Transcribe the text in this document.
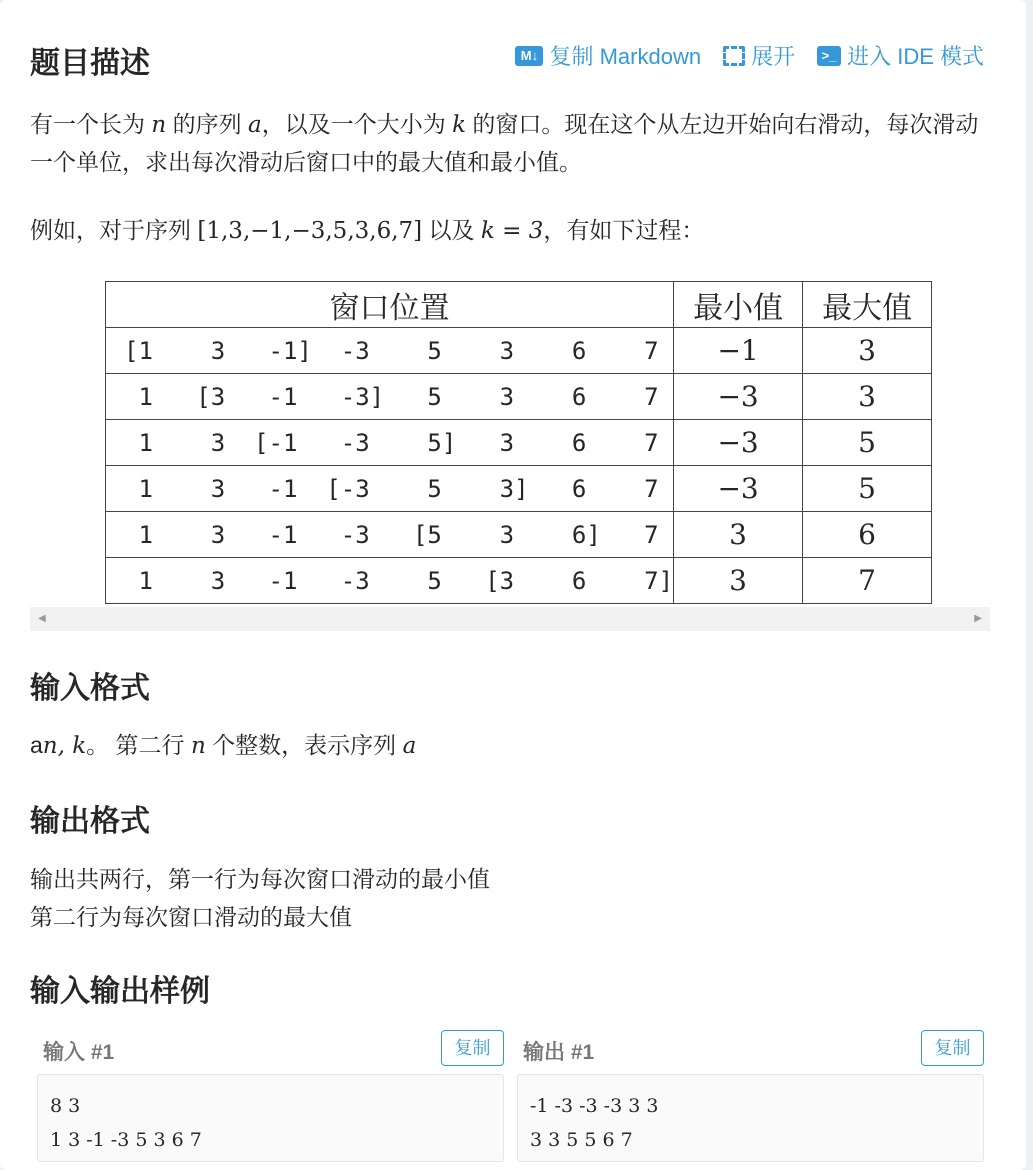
题目描述	M↓ 复制 Markdown 展开	>_ 进入 IDE 模式

有一个长为 n 的序列 a，以及一个大小为 k 的窗口。现在这个从左边开始向右滑动，每次滑动一个单位，求出每次滑动后窗口中的最大值和最小值。

例如，对于序列 [1,3,−1,−3,5,3,6,7] 以及 k = 3，有如下过程：

窗口位置	最小值	最大值
[1    3   -1]  -3    5    3    6    7	−1	3
1   [3   -1   -3]   5    3    6    7	−3	3
1    3  [-1   -3    5]   3    6    7	−3	5
1    3   -1  [-3    5    3]   6    7	−3	5
1    3   -1   -3   [5    3    6]   7	3	6
1    3   -1   -3    5   [3    6    7]	3	7
◀	▶
输入格式

an, k。 第二行 n 个整数，表示序列 a

输出格式

输出共两行，第一行为每次窗口滑动的最小值

第二行为每次窗口滑动的最大值

输入输出样例
输入 #1	复制
8 3
1 3 -1 -3 5 3 6 7
输出 #1	复制
-1 -3 -3 -3 3 3
3 3 5 5 6 7
